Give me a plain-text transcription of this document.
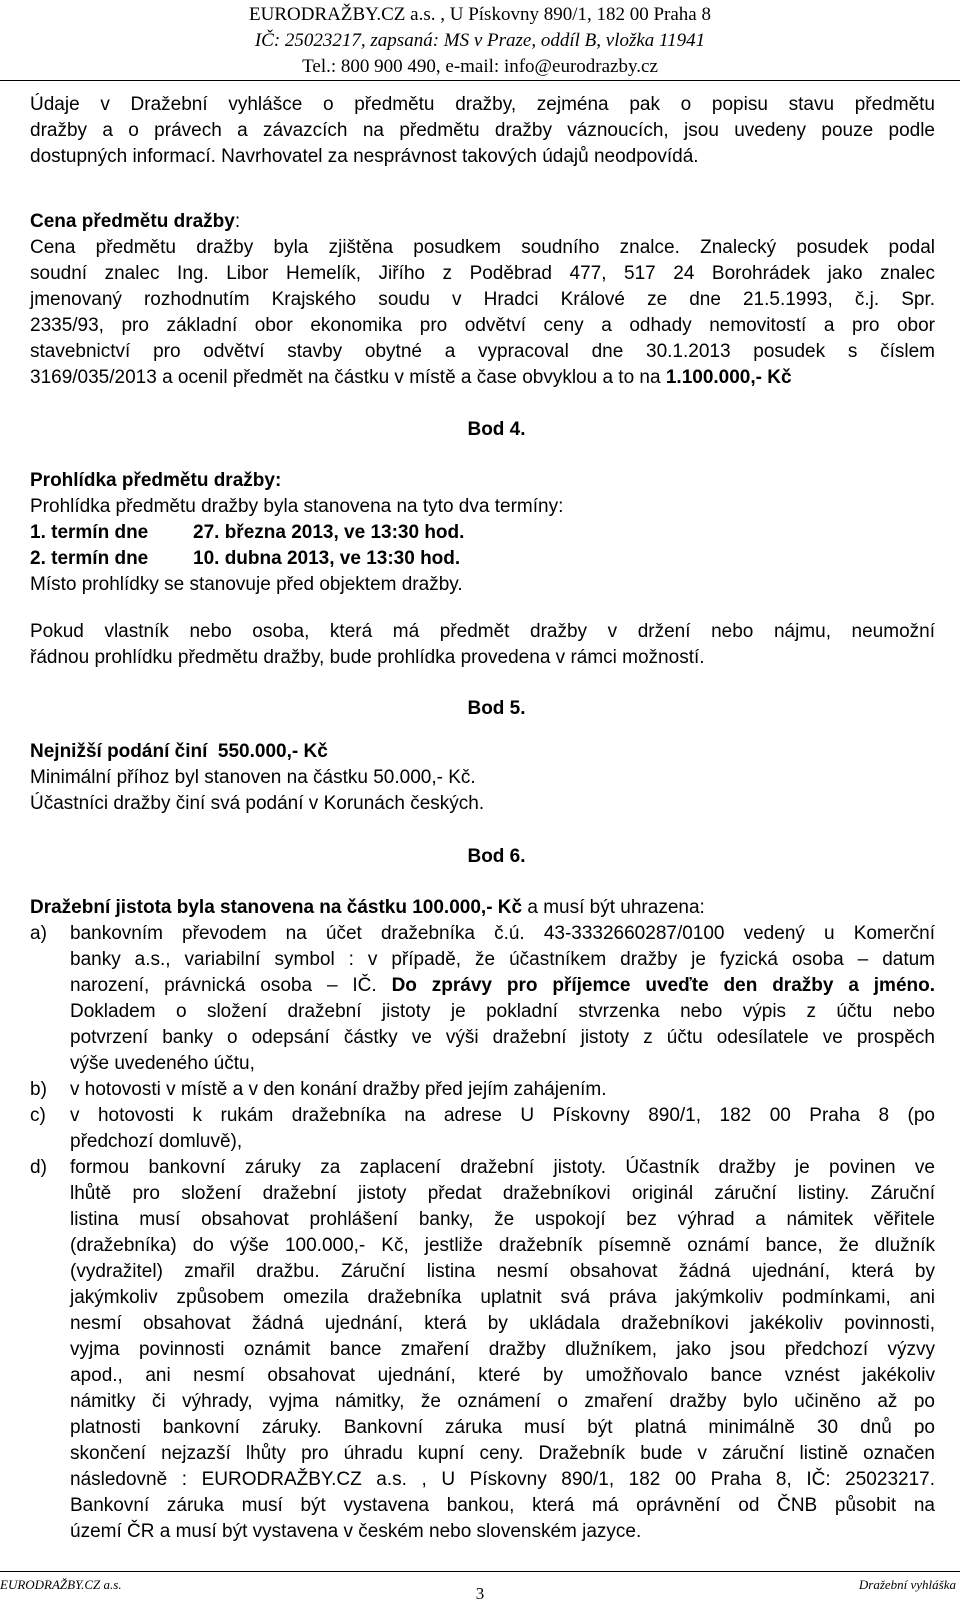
EURODRAŽBY.CZ a.s. , U Pískovny 890/1, 182 00 Praha 8
IČ: 25023217, zapsaná: MS v Praze, oddíl B, vložka 11941
Tel.: 800 900 490, e-mail: info@eurodrazby.cz
Údaje v Dražební vyhlášce o předmětu dražby, zejména pak o popisu stavu předmětu
dražby a o právech a závazcích na předmětu dražby váznoucích, jsou uvedeny pouze podle
dostupných informací. Navrhovatel za nesprávnost takových údajů neodpovídá.
Cena předmětu dražby:
Cena předmětu dražby byla zjištěna posudkem soudního znalce. Znalecký posudek podal
soudní znalec Ing. Libor Hemelík, Jiřího z Poděbrad 477, 517 24 Borohrádek jako znalec
jmenovaný rozhodnutím Krajského soudu v Hradci Králové ze dne 21.5.1993, č.j. Spr.
2335/93, pro základní obor ekonomika pro odvětví ceny a odhady nemovitostí a pro obor
stavebnictví pro odvětví stavby obytné a vypracoval dne 30.1.2013 posudek s číslem
3169/035/2013 a ocenil předmět na částku v místě a čase obvyklou a to na 1.100.000,- Kč
Bod 4.
Prohlídka předmětu dražby:
Prohlídka předmětu dražby byla stanovena na tyto dva termíny:
1. termín dne 27. března 2013, ve 13:30 hod.
2. termín dne 10. dubna 2013, ve 13:30 hod.
Místo prohlídky se stanovuje před objektem dražby.
Pokud vlastník nebo osoba, která má předmět dražby v držení nebo nájmu, neumožní
řádnou prohlídku předmětu dražby, bude prohlídka provedena v rámci možností.
Bod 5.
Nejnižší podání činí  550.000,- Kč
Minimální příhoz byl stanoven na částku 50.000,- Kč.
Účastníci dražby činí svá podání v Korunách českých.
Bod 6.
Dražební jistota byla stanovena na částku 100.000,- Kč a musí být uhrazena:
a) bankovním převodem na účet dražebníka č.ú. 43-3332660287/0100 vedený u Komerční
banky a.s., variabilní symbol : v případě, že účastníkem dražby je fyzická osoba – datum
narození, právnická osoba – IČ. Do zprávy pro příjemce uveďte den dražby a jméno.
Dokladem o složení dražební jistoty je pokladní stvrzenka nebo výpis z účtu nebo
potvrzení banky o odepsání částky ve výši dražební jistoty z účtu odesílatele ve prospěch
výše uvedeného účtu,
b) v hotovosti v místě a v den konání dražby před jejím zahájením.
c) v hotovosti k rukám dražebníka na adrese U Pískovny 890/1, 182 00 Praha 8 (po
předchozí domluvě),
d) formou bankovní záruky za zaplacení dražební jistoty. Účastník dražby je povinen ve
lhůtě pro složení dražební jistoty předat dražebníkovi originál záruční listiny. Záruční
listina musí obsahovat prohlášení banky, že uspokojí bez výhrad a námitek věřitele
(dražebníka) do výše 100.000,- Kč, jestliže dražebník písemně oznámí bance, že dlužník
(vydražitel) zmařil dražbu. Záruční listina nesmí obsahovat žádná ujednání, která by
jakýmkoliv způsobem omezila dražebníka uplatnit svá práva jakýmkoliv podmínkami, ani
nesmí obsahovat žádná ujednání, která by ukládala dražebníkovi jakékoliv povinnosti,
vyjma povinnosti oznámit bance zmaření dražby dlužníkem, jako jsou předchozí výzvy
apod., ani nesmí obsahovat ujednání, které by umožňovalo bance vznést jakékoliv
námitky či výhrady, vyjma námitky, že oznámení o zmaření dražby bylo učiněno až po
platnosti bankovní záruky. Bankovní záruka musí být platná minimálně 30 dnů po
skončení nejzazší lhůty pro úhradu kupní ceny. Dražebník bude v záruční listině označen
následovně : EURODRAŽBY.CZ a.s. , U Pískovny 890/1, 182 00 Praha 8, IČ: 25023217.
Bankovní záruka musí být vystavena bankou, která má oprávnění od ČNB působit na
území ČR a musí být vystavena v českém nebo slovenském jazyce.
EURODRAŽBY.CZ a.s.	3	Dražební vyhláška
